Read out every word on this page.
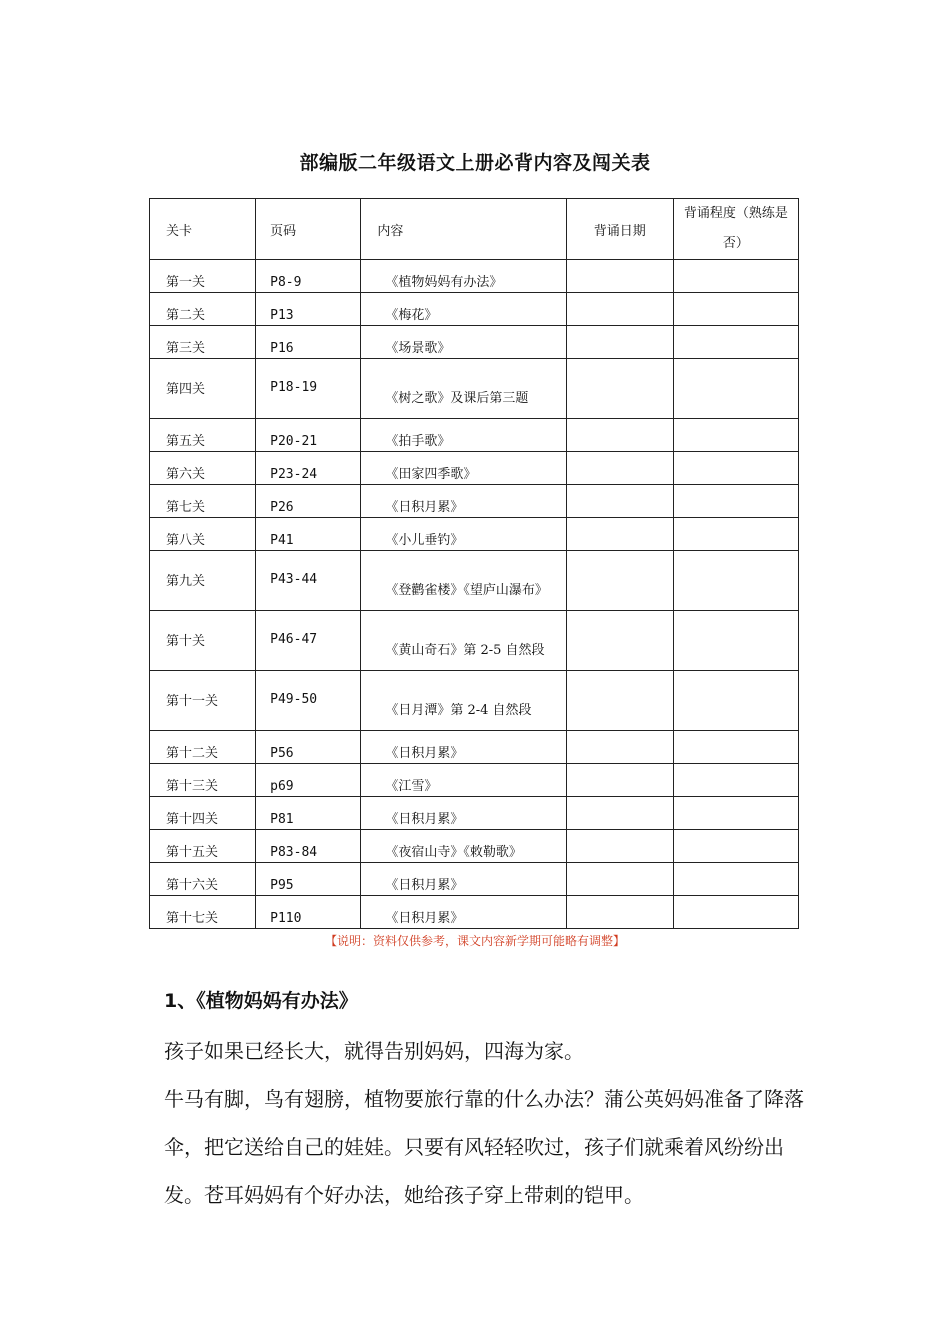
部编版二年级语文上册必背内容及闯关表
关卡	页码	内容	背诵日期	背诵程度（熟练是否）
第一关	P8-9	《植物妈妈有办法》		
第二关	P13	《梅花》		
第三关	P16	《场景歌》		
第四关	P18-19	《树之歌》及课后第三题		
第五关	P20-21	《拍手歌》		
第六关	P23-24	《田家四季歌》		
第七关	P26	《日积月累》		
第八关	P41	《小儿垂钓》		
第九关	P43-44	《登鹳雀楼》《望庐山瀑布》		
第十关	P46-47	《黄山奇石》第 2-5 自然段		
第十一关	P49-50	《日月潭》第 2-4 自然段		
第十二关	P56	《日积月累》		
第十三关	p69	《江雪》		
第十四关	P81	《日积月累》		
第十五关	P83-84	《夜宿山寺》《敕勒歌》		
第十六关	P95	《日积月累》		
第十七关	P110	《日积月累》		
【说明：资料仅供参考，课文内容新学期可能略有调整】
1、《植物妈妈有办法》
孩子如果已经长大，就得告别妈妈，四海为家。
牛马有脚，鸟有翅膀，植物要旅行靠的什么办法？蒲公英妈妈准备了降落伞，把它送给自己的娃娃。只要有风轻轻吹过，孩子们就乘着风纷纷出发。苍耳妈妈有个好办法，她给孩子穿上带刺的铠甲。
